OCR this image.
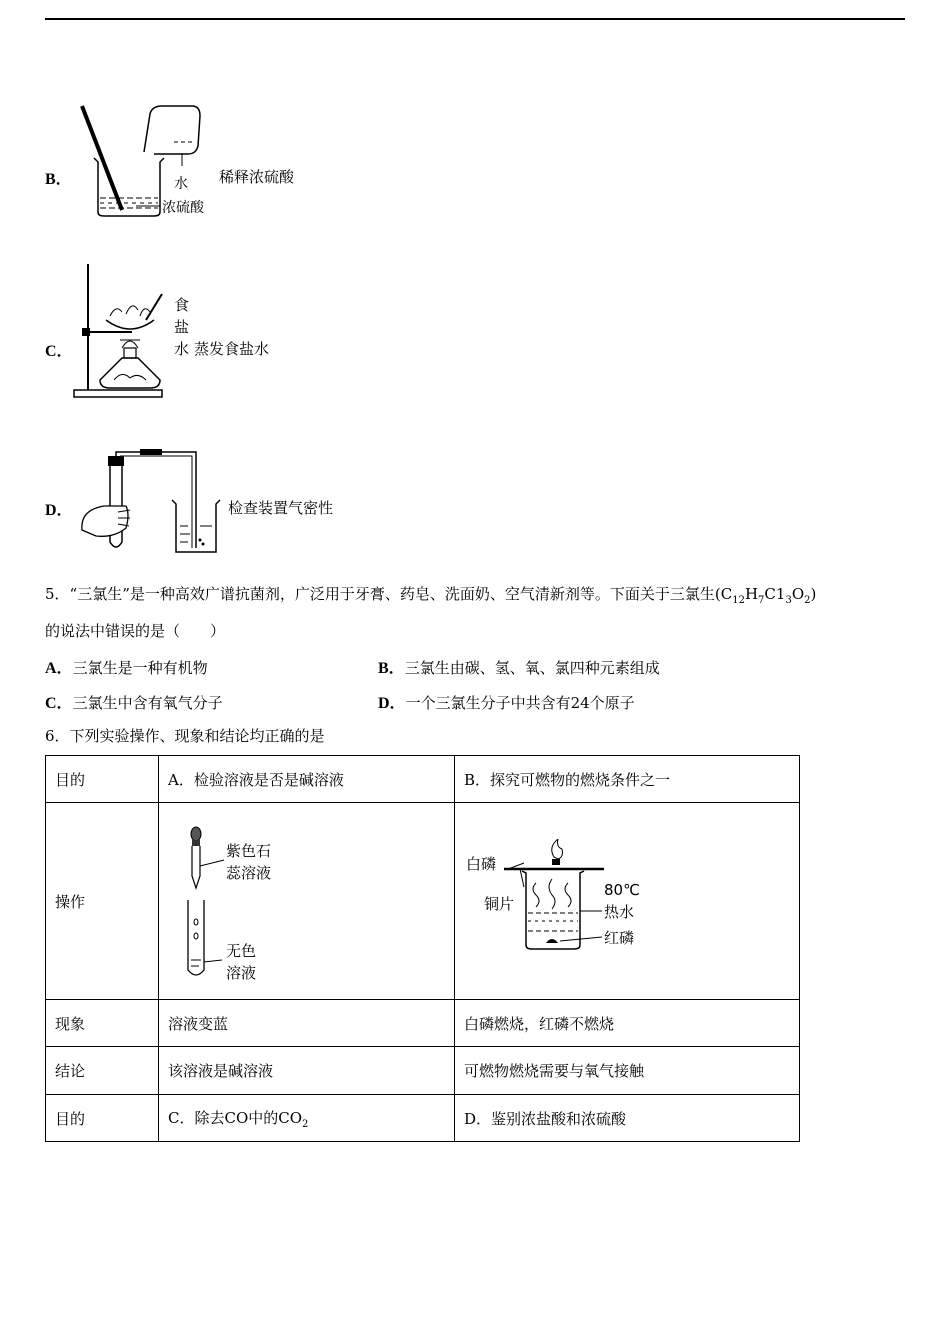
B．	水
浓硫酸
稀释浓硫酸
C．
食
盐
水 蒸发食盐水
D．	检查装置气密性
5．“三氯生”是一种高效广谱抗菌剂，广泛用于牙膏、药皂、洗面奶、空气清新剂等。下面关于三氯生$(C_{12}H_7C1_3O_2)$
的说法中错误的是（　　）
A．三氯生是一种有机物	B．三氯生由碳、氢、氧、氯四种元素组成
C．三氯生中含有氧气分子	D．一个三氯生分子中共含有24个原子
6．下列实验操作、现象和结论均正确的是
目的	A．检验溶液是否是碱溶液	B．探究可燃物的燃烧条件之一
操作	紫色石
蕊溶液
无色
溶液	白磷
铜片
80℃
热水
红磷

现象	溶液变蓝	白磷燃烧，红磷不燃烧
结论	该溶液是碱溶液	可燃物燃烧需要与氧气接触
目的	C．除去CO中的$CO_2$	D．鉴别浓盐酸和浓硫酸
